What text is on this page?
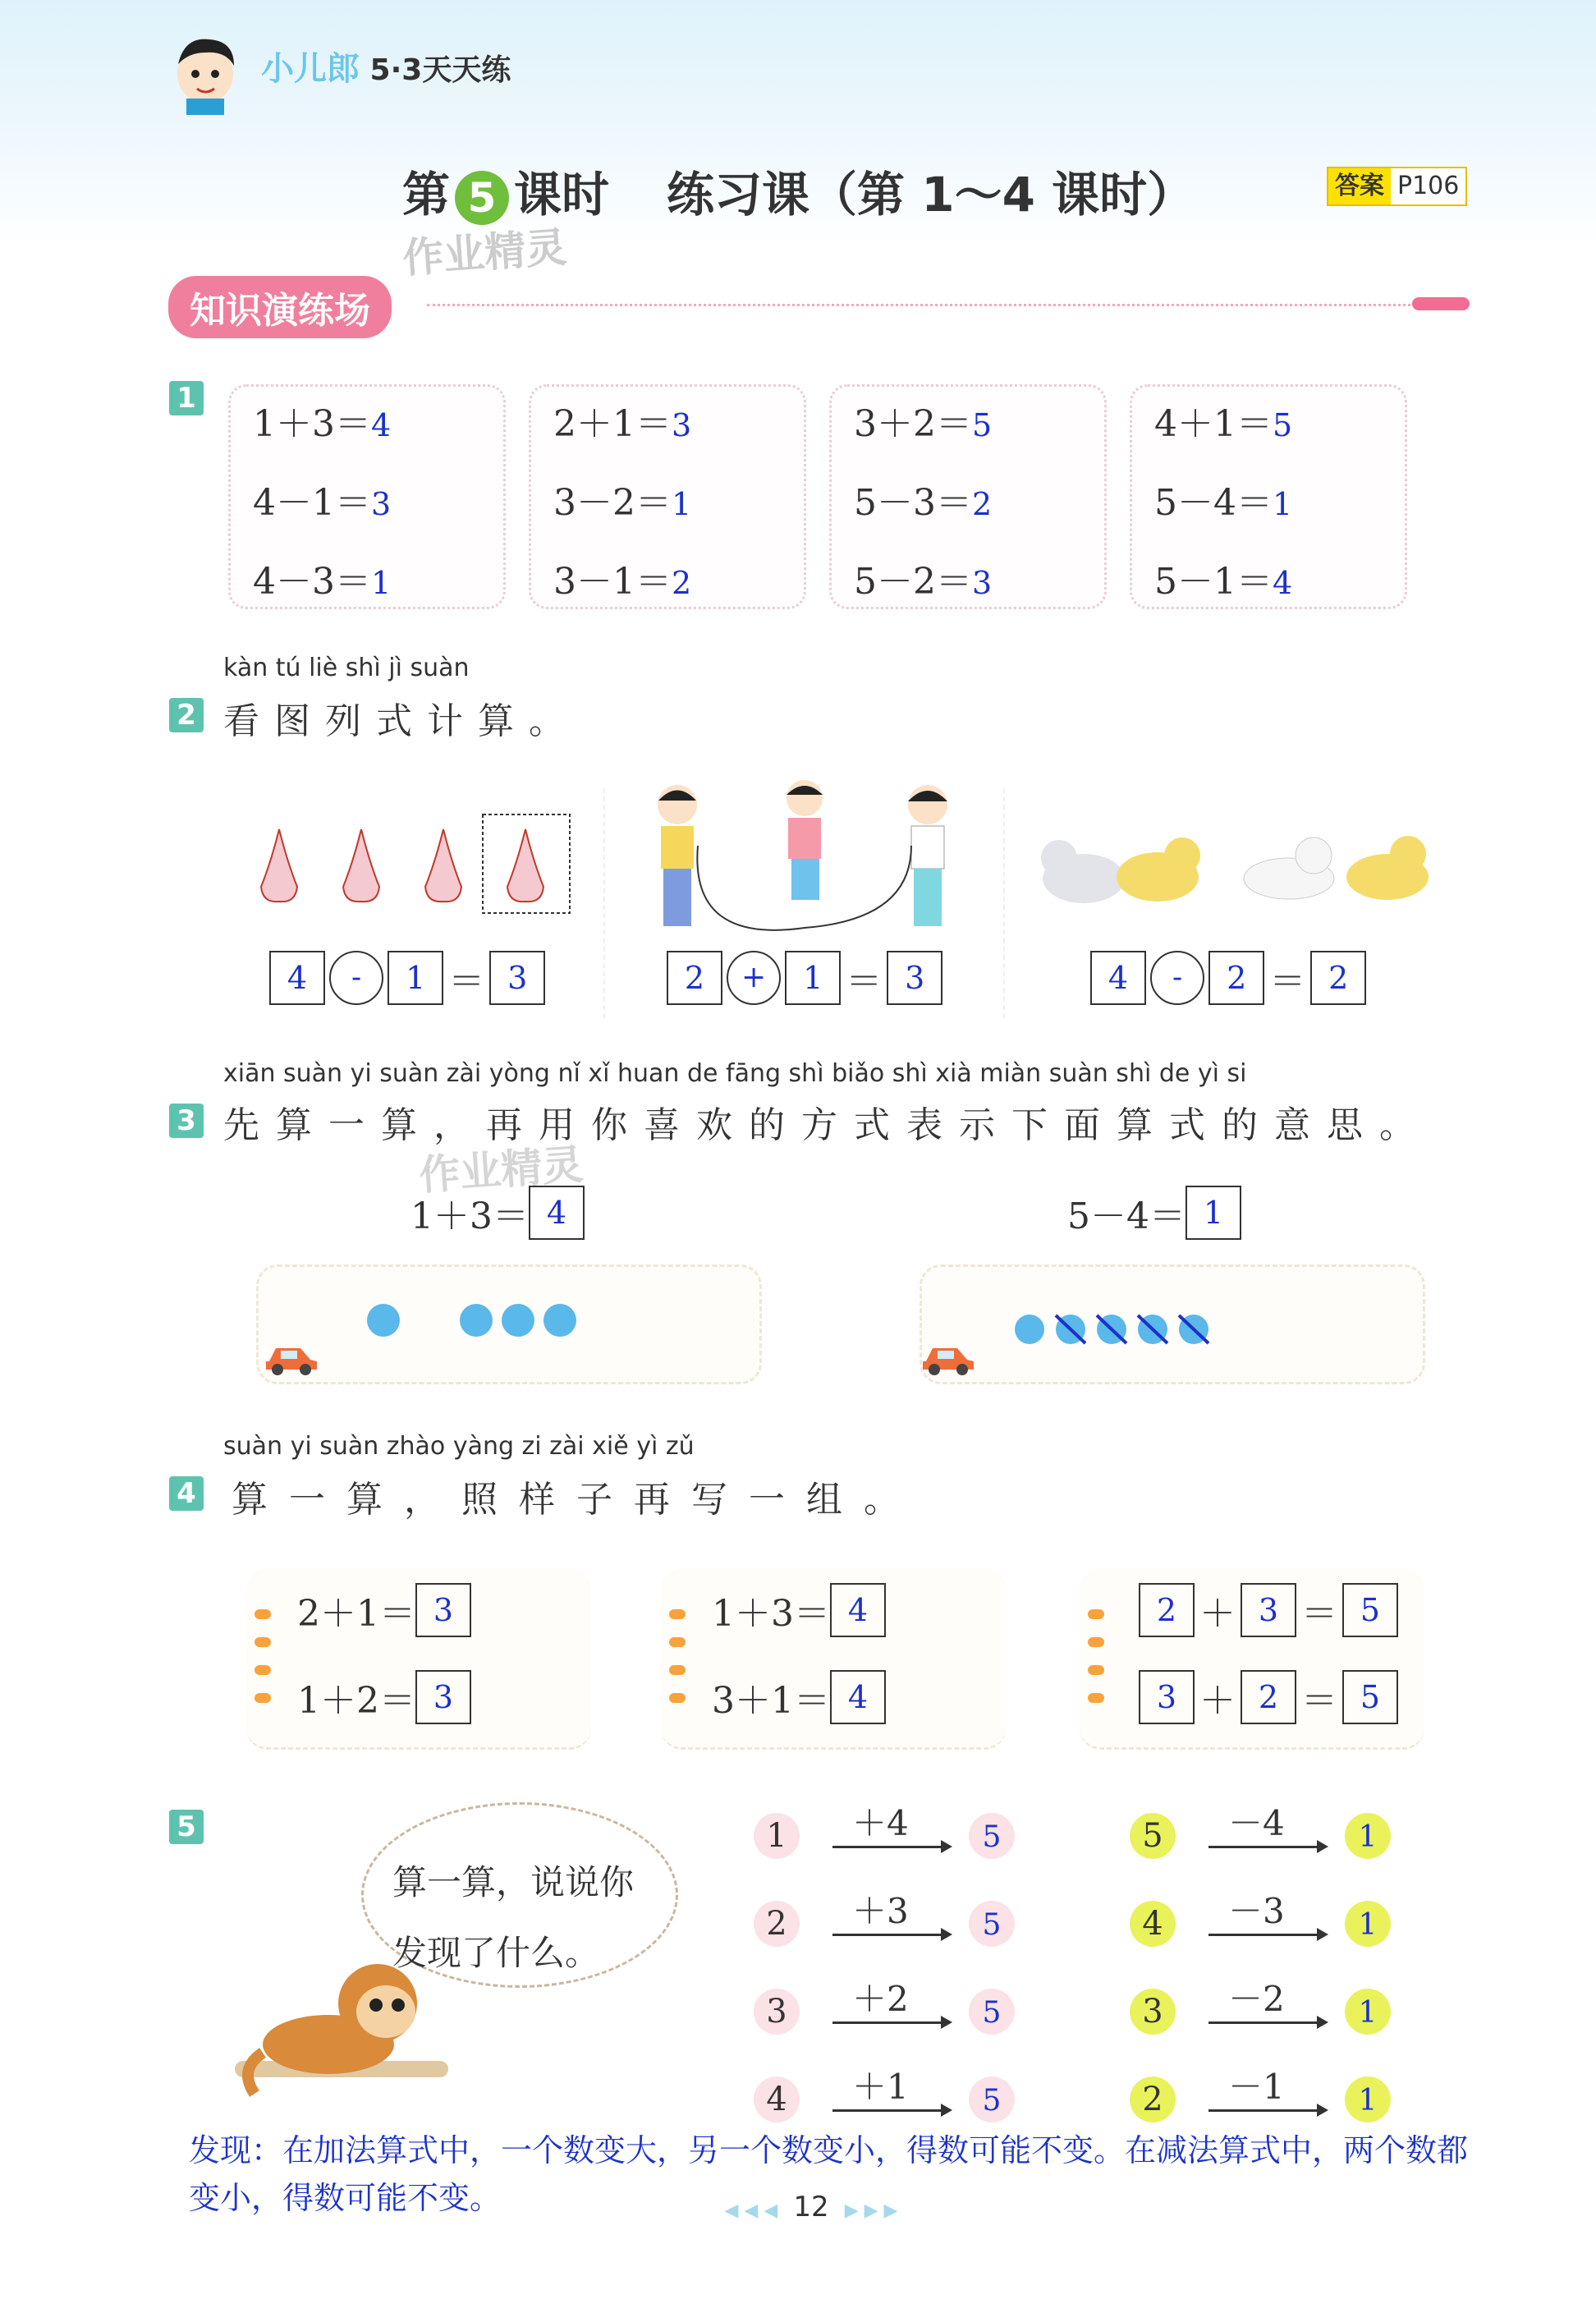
小儿郎 5·3天天练
第 5 课时 练习课（第 1～4 课时）
作业精灵
答案 P106
知识演练场
1
1＋3＝4
4－1＝3
4－3＝1
2＋1＝3
3－2＝1
3－1＝2
3＋2＝5
5－3＝2
5－2＝3
4＋1＝5
5－4＝1
5－1＝4
kàn tú liè shì jì suàn
2 看图列式计算。
4 - 1 ＝ 3	2 + 1 ＝ 3	4 - 2 ＝ 2
xiān suàn yi suàn zài yòng nǐ xǐ huan de fāng shì biǎo shì xià miàn suàn shì de yì si
3 先算一算，再用你喜欢的方式表示下面算式的意思。
作业精灵
1＋3＝ 4	5－4＝ 1
suàn yi suàn zhào yàng zi zài xiě yì zǔ
4 算一算，照样子再写一组。
2＋1＝ 3
1＋2＝ 3
1＋3＝ 4
3＋1＝ 4
2 ＋ 3 ＝ 5
3 ＋ 2 ＝ 5
5
算一算，说说你
发现了什么。
1	＋4	5
2	＋3	5
3	＋2	5
4	＋1	5
5	－4	1
4	－3	1
3	－2	1
2	－1	1
发现：在加法算式中，一个数变大，另一个数变小，得数可能不变。在减法算式中，两个数都变小，得数可能不变。	◀ ◀ ◀ 12 ▶ ▶ ▶
